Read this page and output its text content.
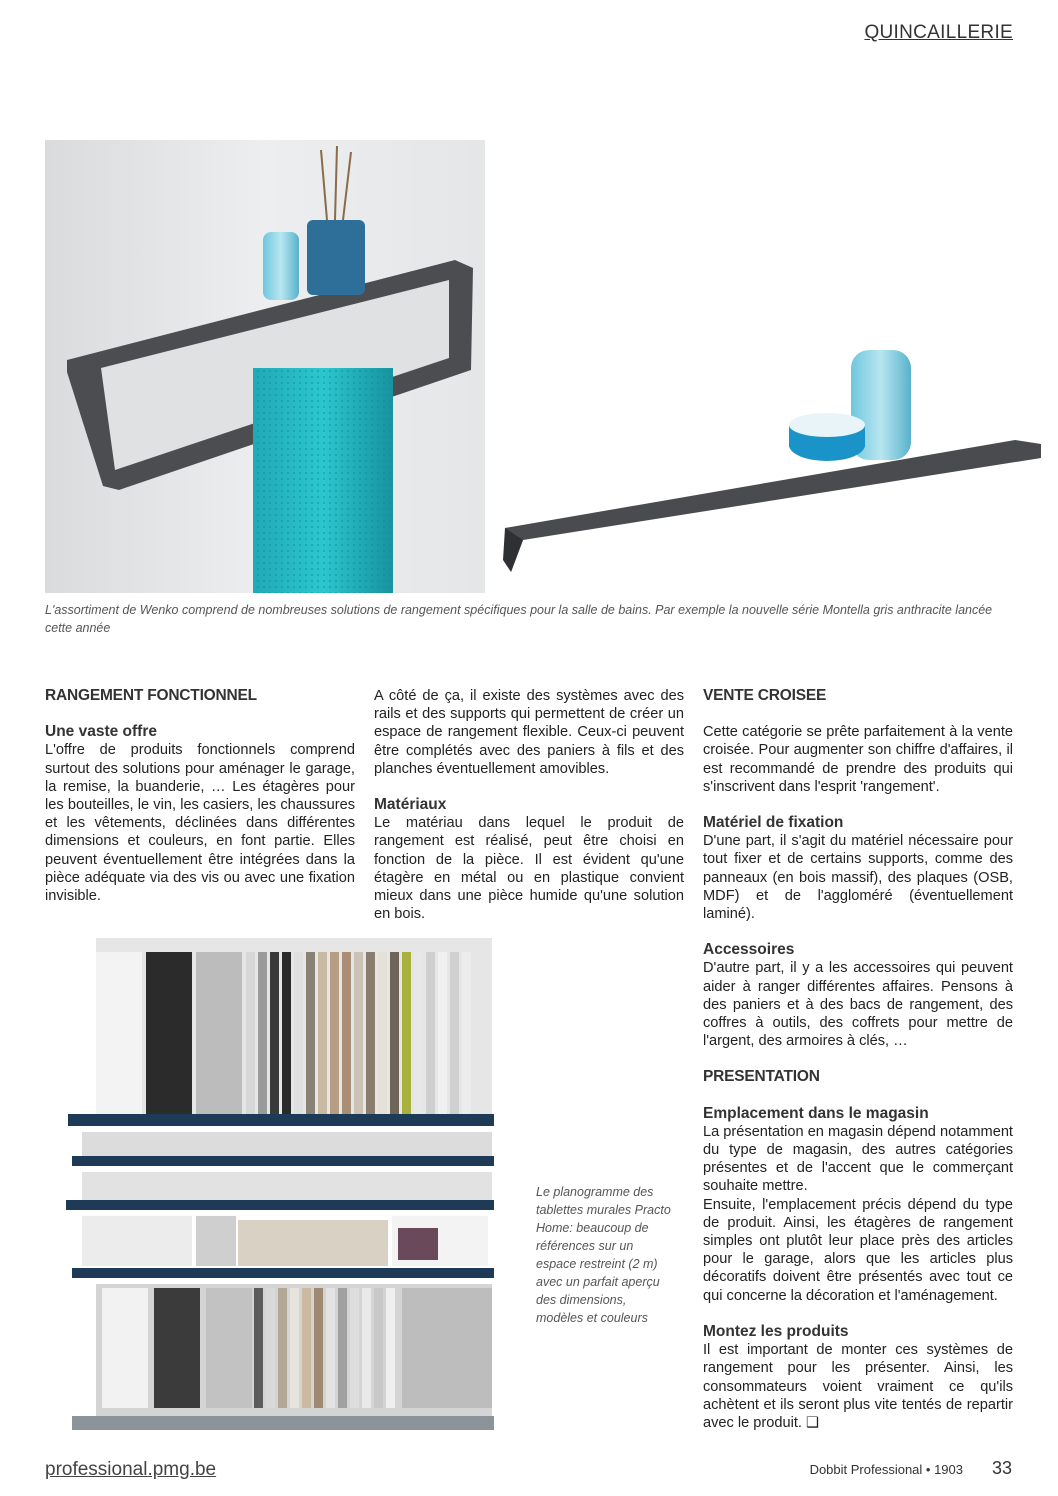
QUINCAILLERIE
L'assortiment de Wenko comprend de nombreuses solutions de rangement spécifiques pour la salle de bains. Par exemple la nouvelle série Montella gris anthracite lancée cette année

RANGEMENT FONCTIONNEL

Une vaste offre

L'offre de produits fonctionnels comprend surtout des solutions pour aménager le garage, la remise, la buanderie, … Les étagères pour les bouteilles, le vin, les casiers, les chaussures et les vêtements, déclinées dans différentes dimensions et couleurs, en font partie. Elles peuvent éventuellement être intégrées dans la pièce adéquate via des vis ou avec une fixation invisible.

A côté de ça, il existe des systèmes avec des rails et des supports qui permettent de créer un espace de rangement flexible. Ceux-ci peuvent être complétés avec des paniers à fils et des planches éventuellement amovibles.

Matériaux

Le matériau dans lequel le produit de rangement est réalisé, peut être choisi en fonction de la pièce. Il est évident qu'une étagère en métal ou en plastique convient mieux dans une pièce humide qu'une solution en bois.

VENTE CROISEE

Cette catégorie se prête parfaitement à la vente croisée. Pour augmenter son chiffre d'affaires, il est recommandé de prendre des produits qui s'inscrivent dans l'esprit 'rangement'.

Matériel de fixation

D'une part, il s'agit du matériel nécessaire pour tout fixer et de certains supports, comme des panneaux (en bois massif), des plaques (OSB, MDF) et de l'aggloméré (éventuellement laminé).

Accessoires

D'autre part, il y a les accessoires qui peuvent aider à ranger différentes affaires. Pensons à des paniers et à des bacs de rangement, des coffres à outils, des coffrets pour mettre de l'argent, des armoires à clés, …

PRESENTATION

Emplacement dans le magasin

La présentation en magasin dépend notamment du type de magasin, des autres catégories présentes et de l'accent que le commerçant souhaite mettre.

Ensuite, l'emplacement précis dépend du type de produit. Ainsi, les étagères de rangement simples ont plutôt leur place près des articles pour le garage, alors que les articles plus décoratifs doivent être présentés avec tout ce qui concerne la décoration et l'aménagement.

Montez les produits

Il est important de monter ces systèmes de rangement pour les présenter. Ainsi, les consommateurs voient vraiment ce qu'ils achètent et ils seront plus vite tentés de repartir avec le produit. ❑

Le planogramme des tablettes murales Practo Home: beaucoup de références sur un espace restreint (2 m) avec un parfait aperçu des dimensions, modèles et couleurs
professional.pmg.be	Dobbit Professional • 1903 33
